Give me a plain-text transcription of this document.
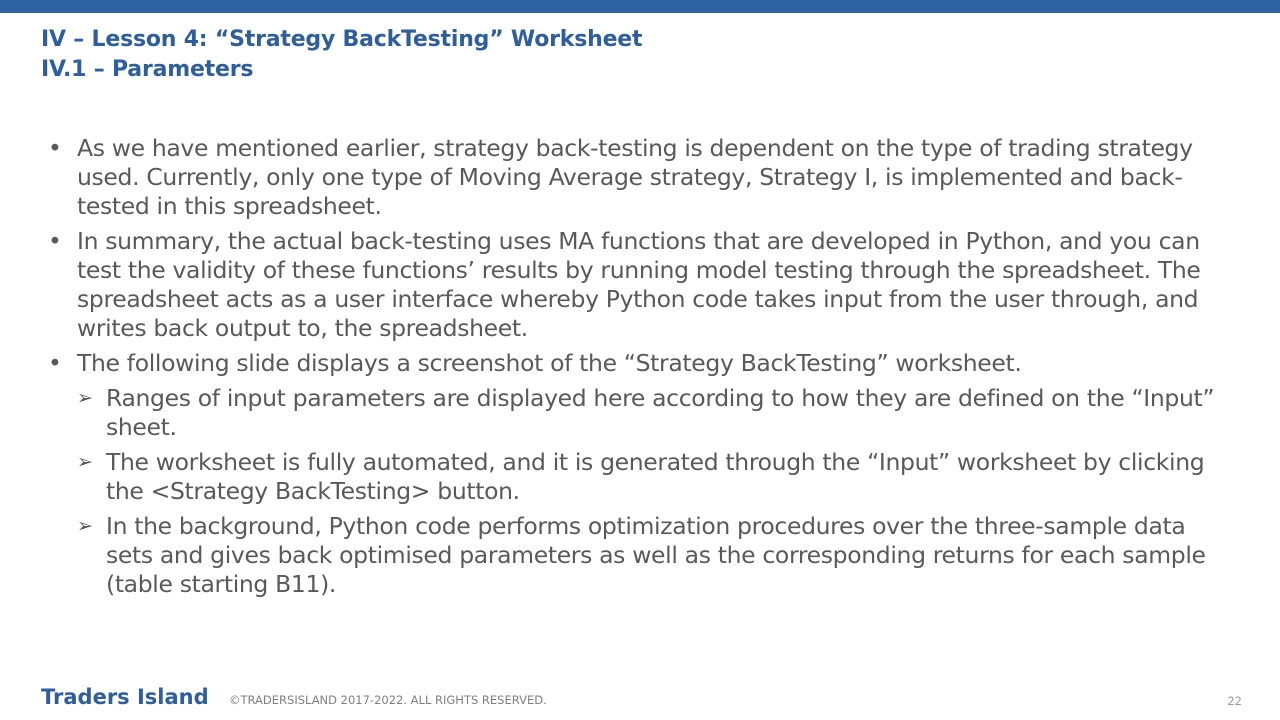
IV – Lesson 4: “Strategy BackTesting” Worksheet
IV.1 – Parameters
• As we have mentioned earlier, strategy back-testing is dependent on the type of trading strategy used. Currently, only one type of Moving Average strategy, Strategy I, is implemented and back-tested in this spreadsheet.
• In summary, the actual back-testing uses MA functions that are developed in Python, and you can test the validity of these functions’ results by running model testing through the spreadsheet. The spreadsheet acts as a user interface whereby Python code takes input from the user through, and writes back output to, the spreadsheet.
• The following slide displays a screenshot of the “Strategy BackTesting” worksheet.
➢ Ranges of input parameters are displayed here according to how they are defined on the “Input” sheet.
➢ The worksheet is fully automated, and it is generated through the “Input” worksheet by clicking the <Strategy BackTesting> button.
➢ In the background, Python code performs optimization procedures over the three-sample data sets and gives back optimised parameters as well as the corresponding returns for each sample (table starting B11).
Traders Island ©TRADERSISLAND 2017-2022. ALL RIGHTS RESERVED.	22
